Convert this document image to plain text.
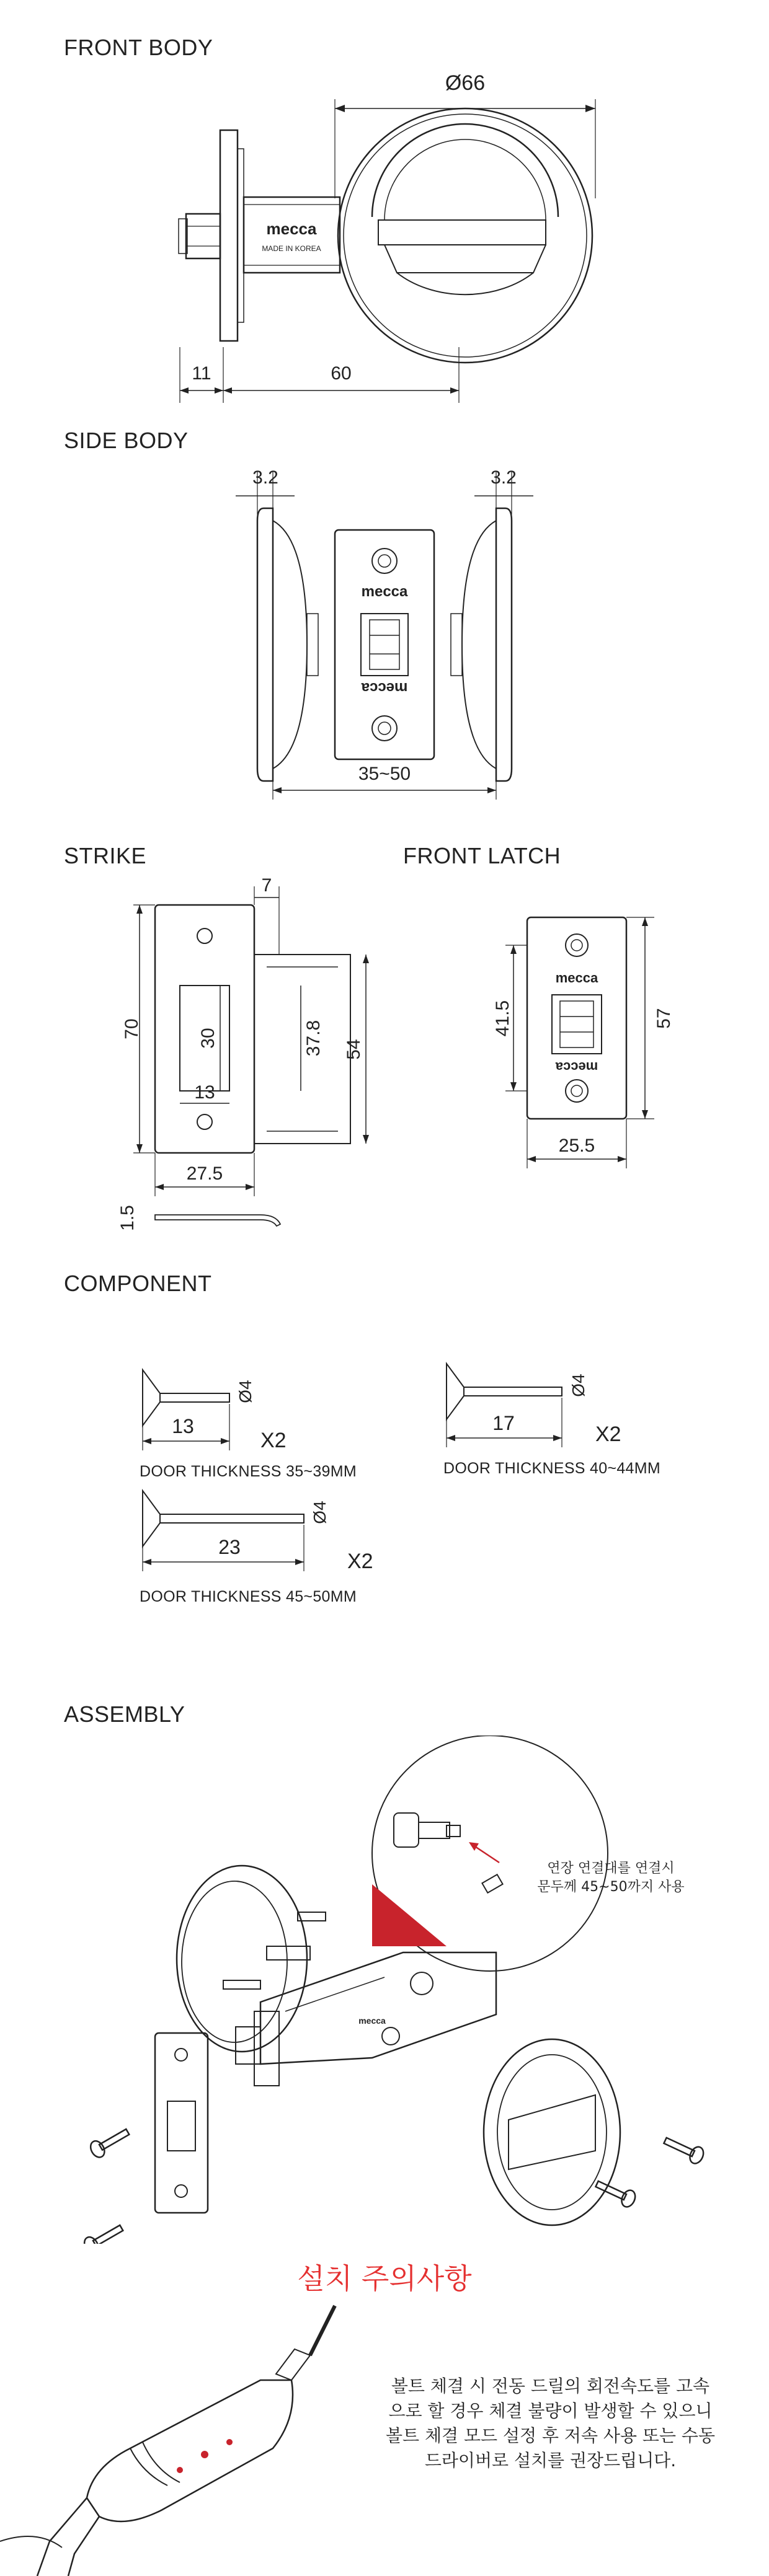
FRONT BODY
SIDE BODY
STRIKE	FRONT LATCH
COMPONENT
ASSEMBLY
Ø66
11	60
mecca
MADE IN KOREA
3.2	3.2
35~50
mecca
mecca
70
7
30
13
37.8 54
27.5
1.5
41.5	57
25.5
mecca
mecca
13
Ø4
17
Ø4
23
Ø4
X2	X2
X2
DOOR THICKNESS 35~39MM	DOOR THICKNESS 40~44MM
DOOR THICKNESS 45~50MM
mecca
연장 연결대를 연결시
문두께 45~50까지 사용
설치 주의사항
볼트 체결 시 전동 드릴의 회전속도를 고속
으로 할 경우 체결 불량이 발생할 수 있으니
볼트 체결 모드 설정 후 저속 사용 또는 수동
드라이버로 설치를 권장드립니다.
